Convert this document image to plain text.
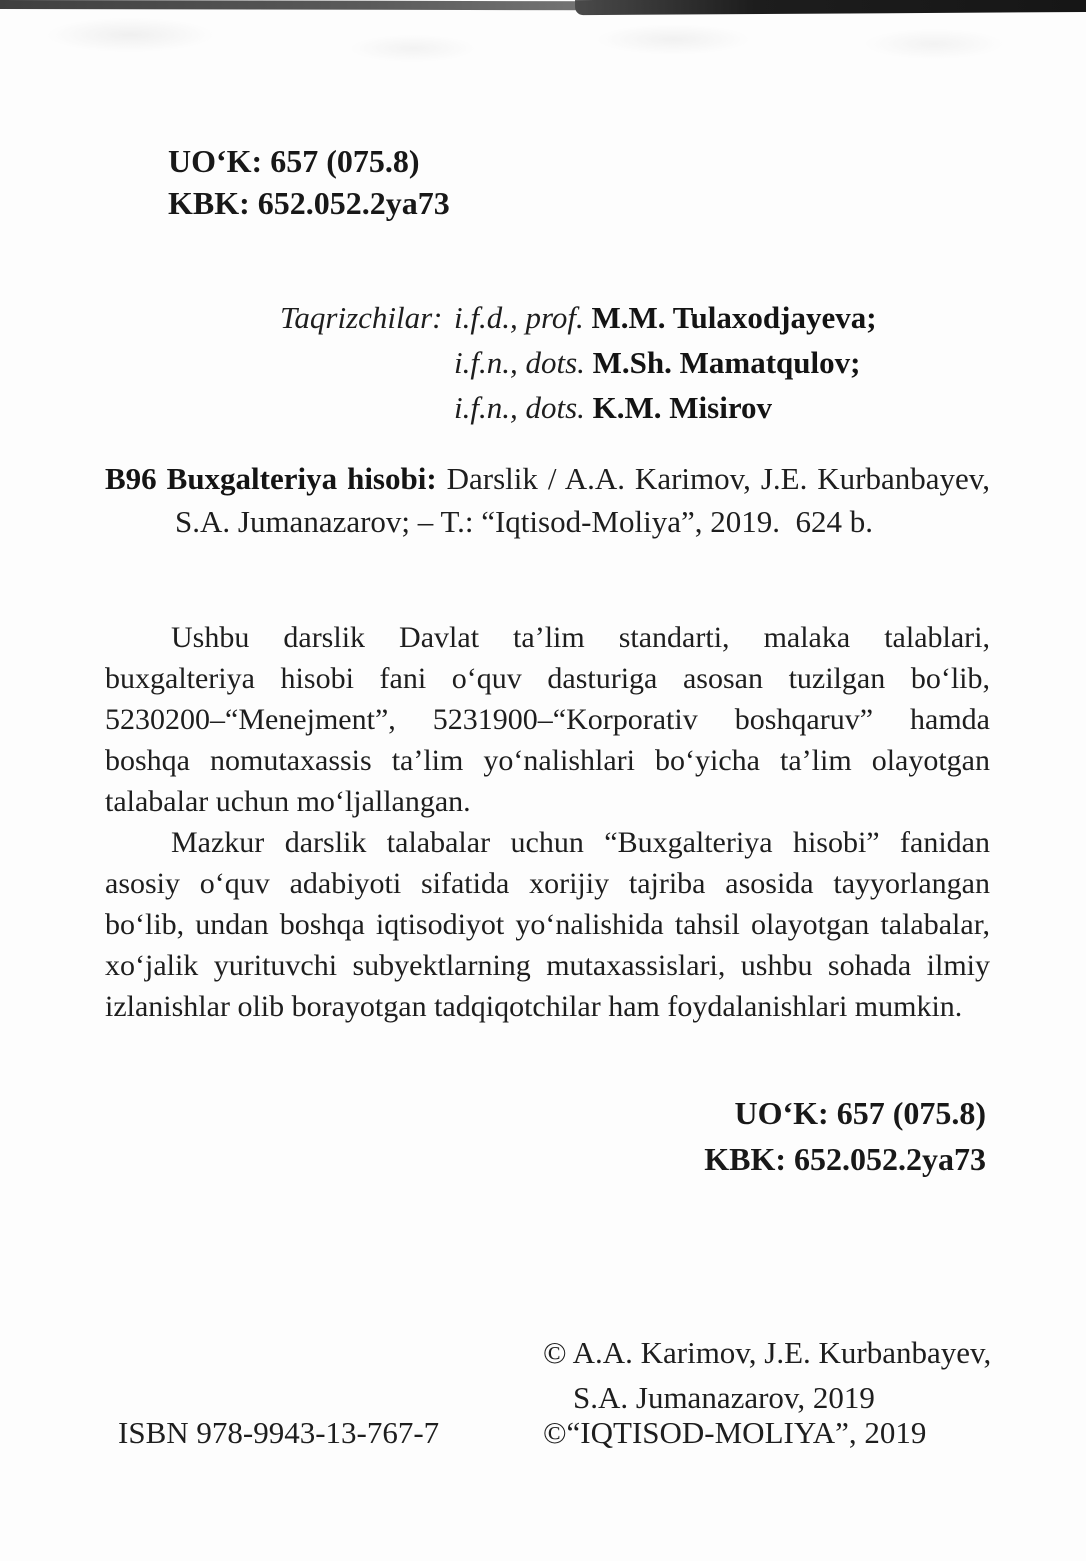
UO‘K: 657 (075.8)
KBK: 652.052.2ya73
Taqrizchilar: i.f.d., prof. M.M. Tulaxodjayeva;
i.f.n., dots. M.Sh. Mamatqulov;
i.f.n., dots. K.M. Misirov
B96 Buxgalteriya hisobi: Darslik / A.A. Karimov, J.E. Kurbanbayev,
S.A. Jumanazarov; – T.: “Iqtisod-Moliya”, 2019. 624 b.
Ushbu darslik Davlat ta’lim standarti, malaka talablari,
buxgalteriya hisobi fani o‘quv dasturiga asosan tuzilgan bo‘lib,
5230200–“Menejment”, 5231900–“Korporativ boshqaruv” hamda
boshqa nomutaxassis ta’lim yo‘nalishlari bo‘yicha ta’lim olayotgan
talabalar uchun mo‘ljallangan.
Mazkur darslik talabalar uchun “Buxgalteriya hisobi” fanidan
asosiy o‘quv adabiyoti sifatida xorijiy tajriba asosida tayyorlangan
bo‘lib, undan boshqa iqtisodiyot yo‘nalishida tahsil olayotgan talabalar,
xo‘jalik yurituvchi subyektlarning mutaxassislari, ushbu sohada ilmiy
izlanishlar olib borayotgan tadqiqotchilar ham foydalanishlari mumkin.
UO‘K: 657 (075.8)
KBK: 652.052.2ya73
© A.A. Karimov, J.E. Kurbanbayev,
S.A. Jumanazarov, 2019
ISBN 978-9943-13-767-7	©“IQTISOD-MOLIYA”, 2019
